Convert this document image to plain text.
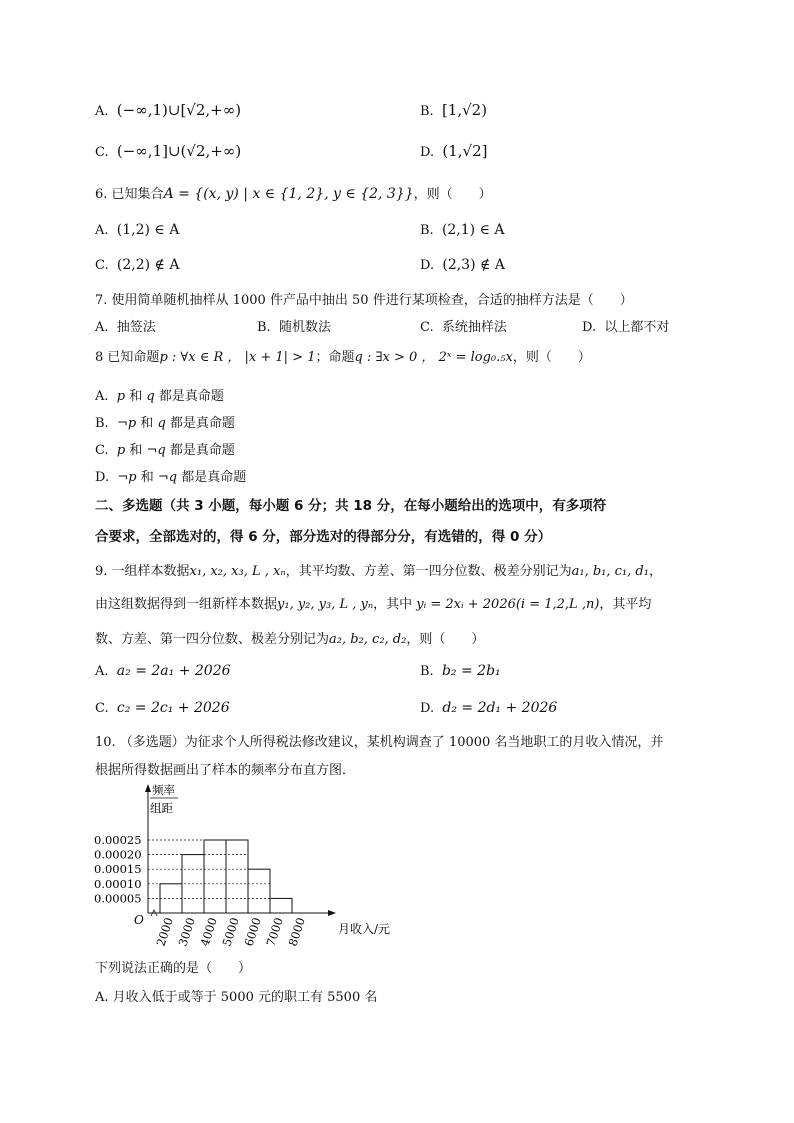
A. (−∞,1)∪[√2,+∞)	B. [1,√2)
C. (−∞,1]∪(√2,+∞)	D. (1,√2]
6. 已知集合A = {(x, y) | x ∈ {1, 2}, y ∈ {2, 3}}，则（　　）
A. (1,2) ∈ A	B. (2,1) ∈ A
C. (2,2) ∉ A	D. (2,3) ∉ A
7. 使用简单随机抽样从 1000 件产品中抽出 50 件进行某项检查，合适的抽样方法是（　　）
A. 抽签法	B. 随机数法	C. 系统抽样法	D. 以上都不对
8 已知命题p : ∀x ∈ R ， |x + 1| > 1；命题q : ∃x > 0 ， 2ˣ = log₀.₅x，则（　　）
A. p 和 q 都是真命题
B. ¬p 和 q 都是真命题
C. p 和 ¬q 都是真命题
D. ¬p 和 ¬q 都是真命题
二、多选题（共 3 小题，每小题 6 分；共 18 分，在每小题给出的选项中，有多项符
合要求，全部选对的，得 6 分，部分选对的得部分分，有选错的，得 0 分）
9. 一组样本数据x₁, x₂, x₃, L , xₙ，其平均数、方差、第一四分位数、极差分别记为a₁, b₁, c₁, d₁，
由这组数据得到一组新样本数据y₁, y₂, y₃, L , yₙ，其中 yᵢ = 2xᵢ + 2026(i = 1,2,L ,n)，其平均
数、方差、第一四分位数、极差分别记为a₂, b₂, c₂, d₂，则（　　）
A. a₂ = 2a₁ + 2026	B. b₂ = 2b₁
C. c₂ = 2c₁ + 2026	D. d₂ = 2d₁ + 2026
10. （多选题）为征求个人所得税法修改建议，某机构调查了 10000 名当地职工的月收入情况，并
根据所得数据画出了样本的频率分布直方图．
O
频率
组距
月收入/元
0.00005
0.00010
0.00015
0.00020
0.00025
2000 3000 4000 5000 6000 7000 8000
下列说法正确的是（　　）
A. 月收入低于或等于 5000 元的职工有 5500 名
